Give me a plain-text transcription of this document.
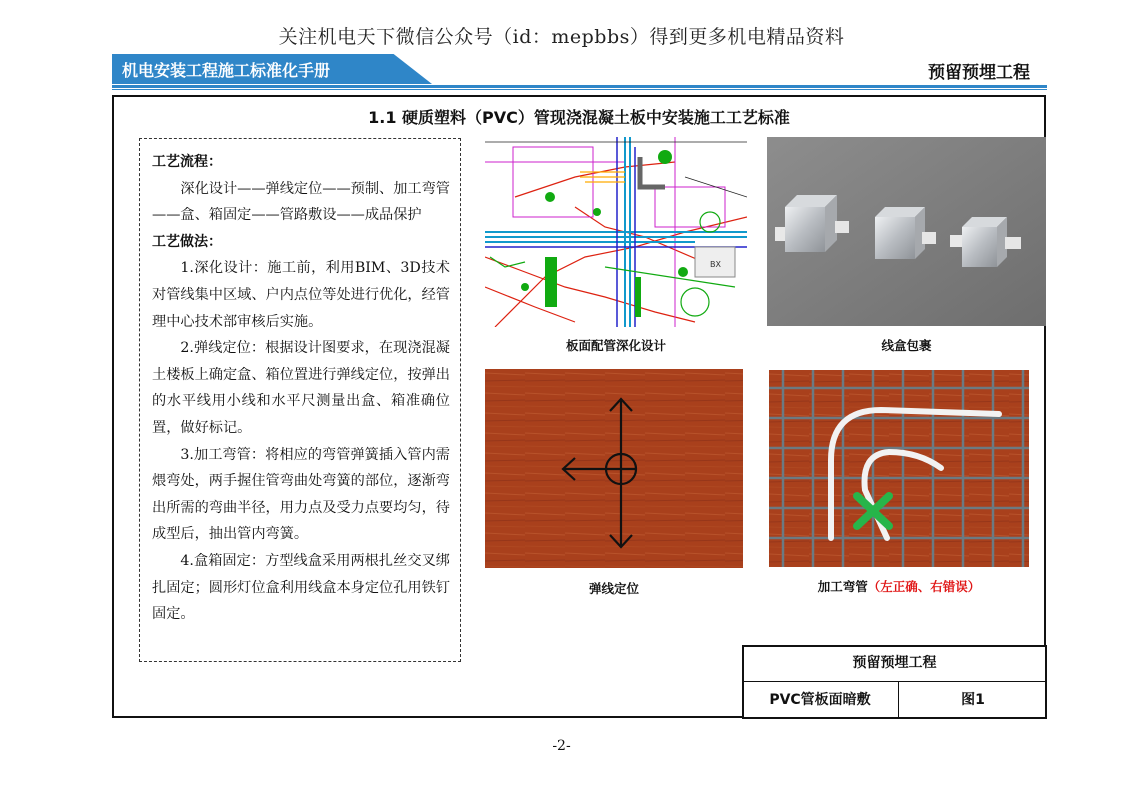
关注机电天下微信公众号（id：mepbbs）得到更多机电精品资料
机电安装工程施工标准化手册	预留预埋工程
1.1 硬质塑料（PVC）管现浇混凝土板中安装施工工艺标准
工艺流程：
深化设计——弹线定位——预制、加工弯管——盒、箱固定——管路敷设——成品保护
工艺做法：
1.深化设计：施工前，利用BIM、3D技术对管线集中区域、户内点位等处进行优化，经管理中心技术部审核后实施。
2.弹线定位：根据设计图要求，在现浇混凝土楼板上确定盒、箱位置进行弹线定位，按弹出的水平线用小线和水平尺测量出盒、箱准确位置，做好标记。
3.加工弯管：将相应的弯管弹簧插入管内需煨弯处，两手握住管弯曲处弯簧的部位，逐渐弯出所需的弯曲半径，用力点及受力点要均匀，待成型后，抽出管内弯簧。
4.盒箱固定：方型线盒采用两根扎丝交叉绑扎固定；圆形灯位盒利用线盒本身定位孔用铁钉固定。
BX
板面配管深化设计	线盒包裹
弹线定位	加工弯管（左正确、右错误）
预留预埋工程
PVC管板面暗敷	图1
-2-
